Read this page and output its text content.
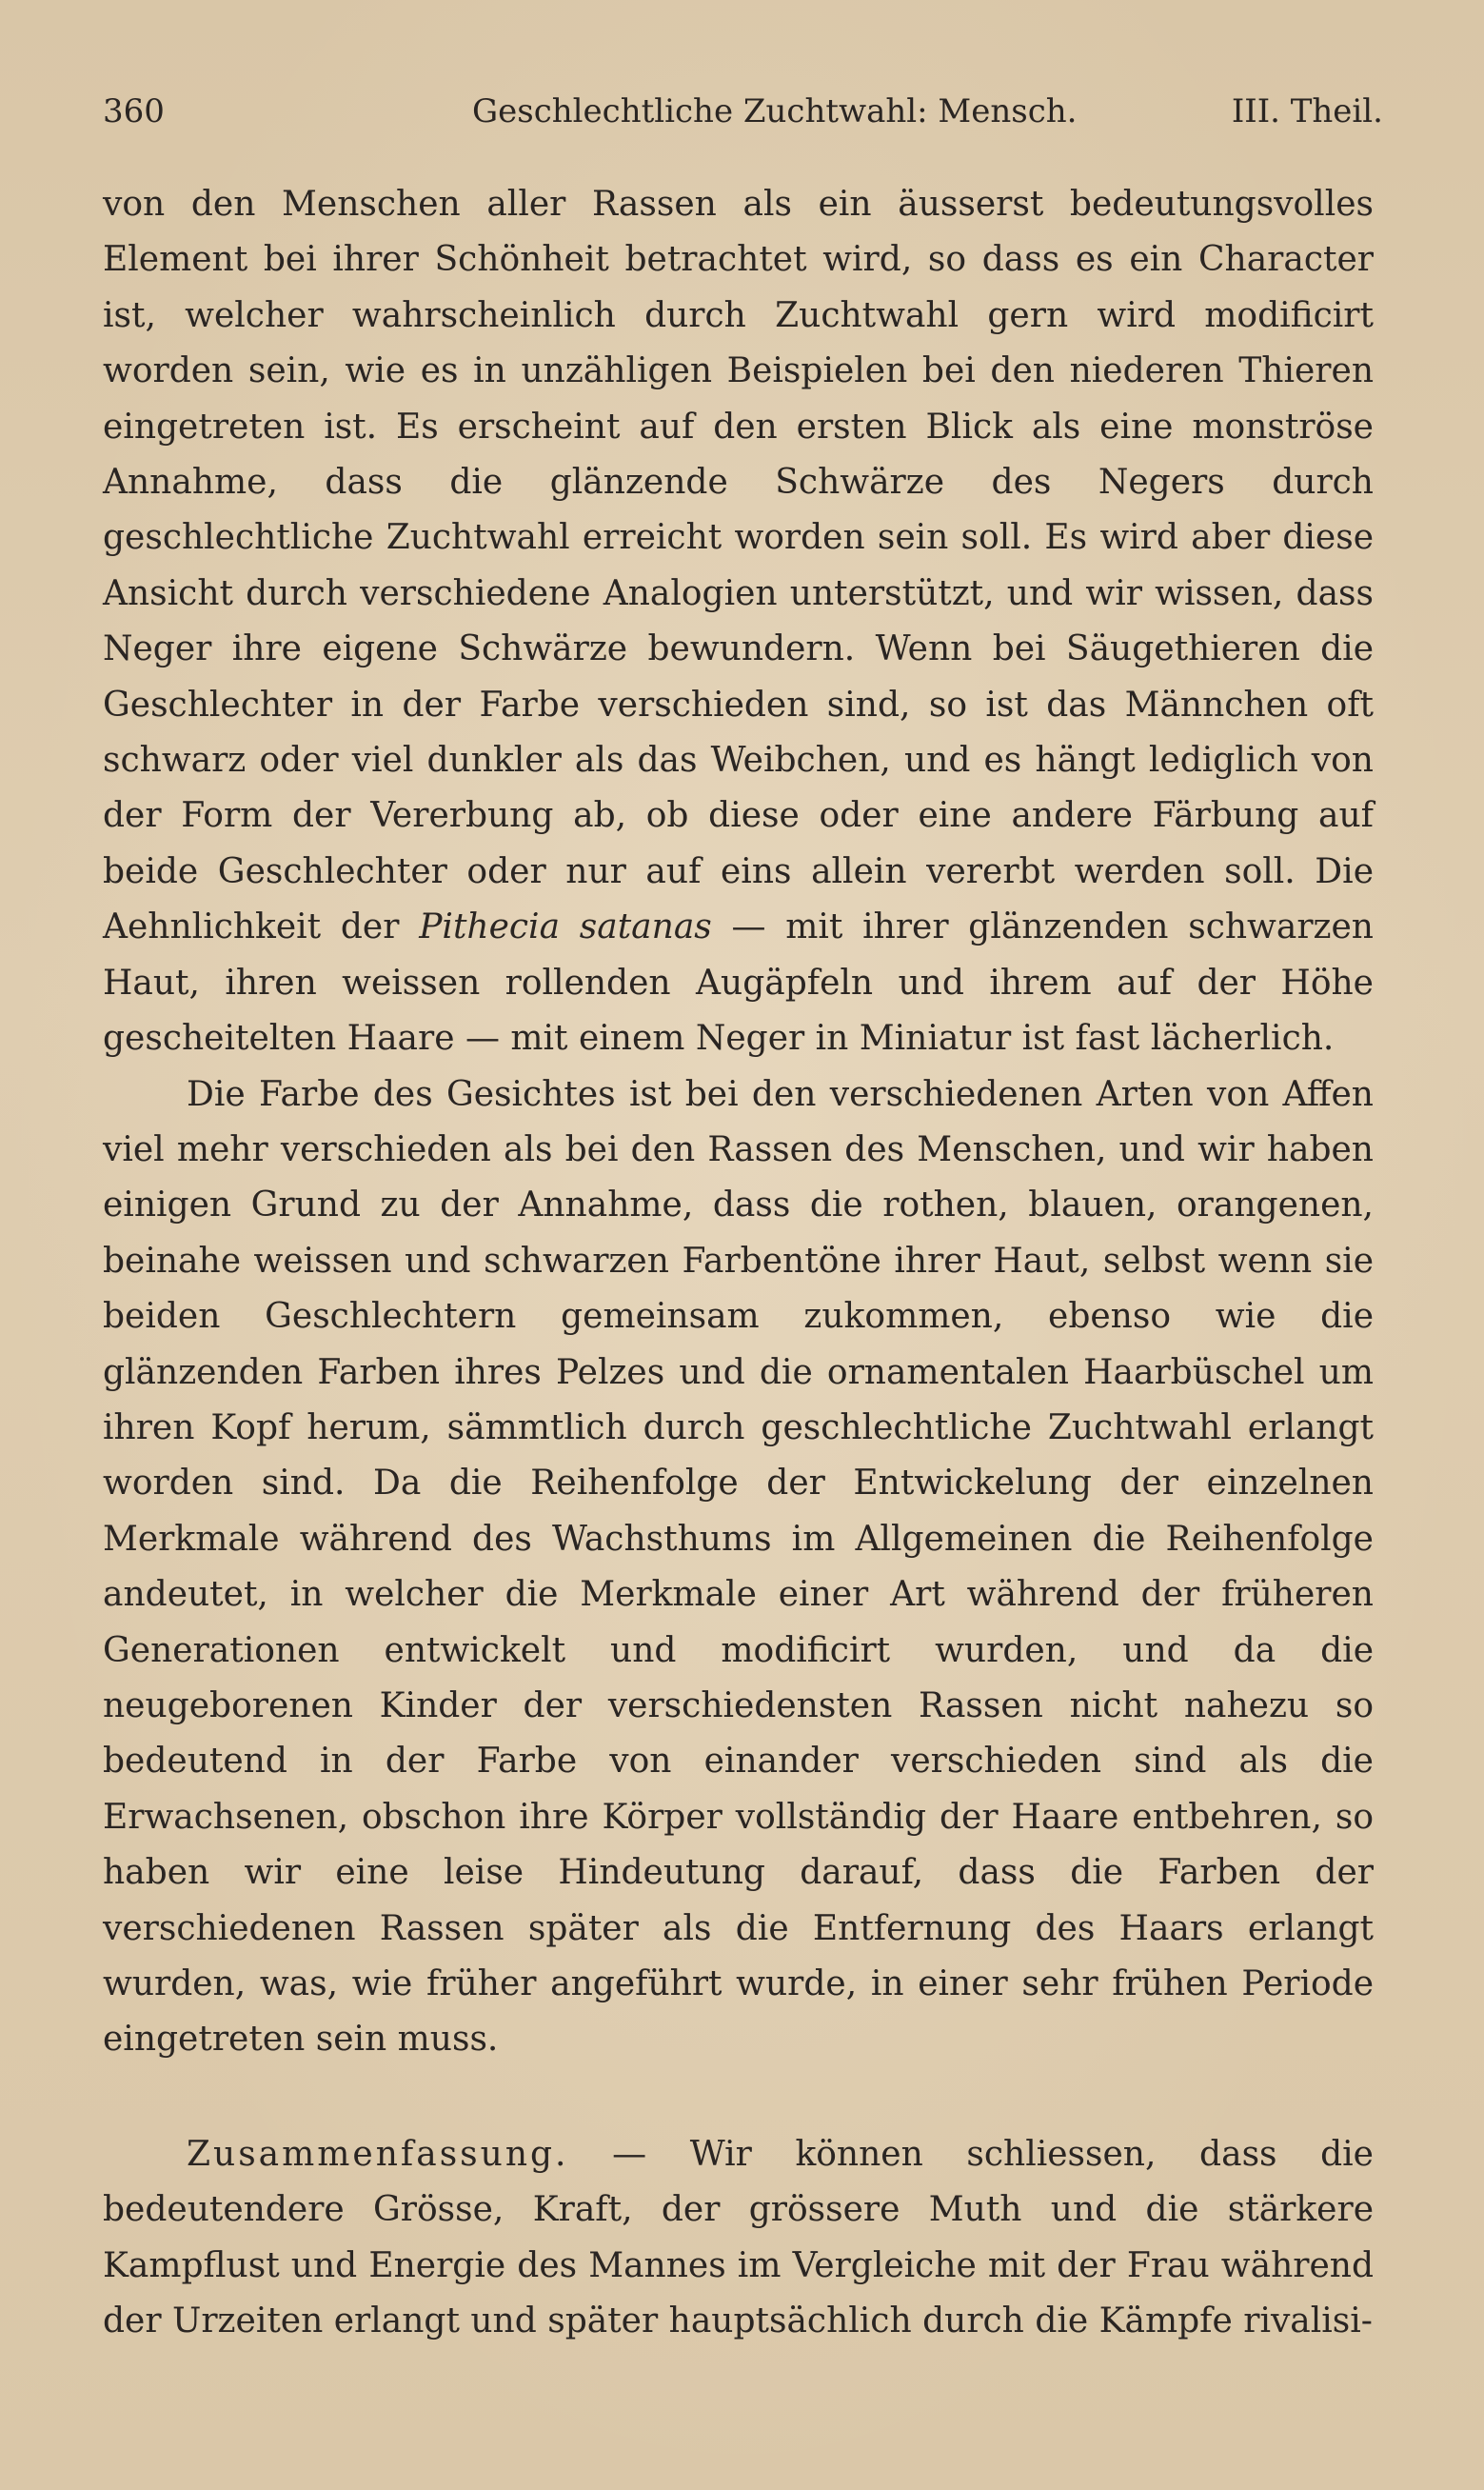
360	Geschlechtliche Zuchtwahl: Mensch.	III. Theil.

von den Menschen aller Rassen als ein äusserst bedeutungsvolles Element bei ihrer Schönheit betrachtet wird, so dass es ein Character ist, welcher wahrscheinlich durch Zuchtwahl gern wird modificirt worden sein, wie es in unzähligen Beispielen bei den niederen Thieren eingetreten ist. Es erscheint auf den ersten Blick als eine monströse Annahme, dass die glänzende Schwärze des Negers durch geschlechtliche Zuchtwahl erreicht worden sein soll. Es wird aber diese Ansicht durch verschiedene Analogien unterstützt, und wir wissen, dass Neger ihre eigene Schwärze bewundern. Wenn bei Säugethieren die Geschlechter in der Farbe verschieden sind, so ist das Männchen oft schwarz oder viel dunkler als das Weibchen, und es hängt lediglich von der Form der Vererbung ab, ob diese oder eine andere Färbung auf beide Geschlechter oder nur auf eins allein vererbt werden soll. Die Aehnlichkeit der Pithecia satanas — mit ihrer glänzenden schwarzen Haut, ihren weissen rollenden Augäpfeln und ihrem auf der Höhe gescheitelten Haare — mit einem Neger in Miniatur ist fast lächerlich.

Die Farbe des Gesichtes ist bei den verschiedenen Arten von Affen viel mehr verschieden als bei den Rassen des Menschen, und wir haben einigen Grund zu der Annahme, dass die rothen, blauen, orangenen, beinahe weissen und schwarzen Farbentöne ihrer Haut, selbst wenn sie beiden Geschlechtern gemeinsam zukommen, ebenso wie die glänzenden Farben ihres Pelzes und die ornamentalen Haarbüschel um ihren Kopf herum, sämmtlich durch geschlechtliche Zuchtwahl erlangt worden sind. Da die Reihenfolge der Entwickelung der einzelnen Merkmale während des Wachsthums im Allgemeinen die Reihenfolge andeutet, in welcher die Merkmale einer Art während der früheren Generationen entwickelt und modificirt wurden, und da die neugeborenen Kinder der verschiedensten Rassen nicht nahezu so bedeutend in der Farbe von einander verschieden sind als die Erwachsenen, obschon ihre Körper vollständig der Haare entbehren, so haben wir eine leise Hindeutung darauf, dass die Farben der verschiedenen Rassen später als die Entfernung des Haars erlangt wurden, was, wie früher angeführt wurde, in einer sehr frühen Periode eingetreten sein muss.

Zusammenfassung. — Wir können schliessen, dass die bedeutendere Grösse, Kraft, der grössere Muth und die stärkere Kampflust und Energie des Mannes im Vergleiche mit der Frau während der Urzeiten erlangt und später hauptsächlich durch die Kämpfe rivalisi-
